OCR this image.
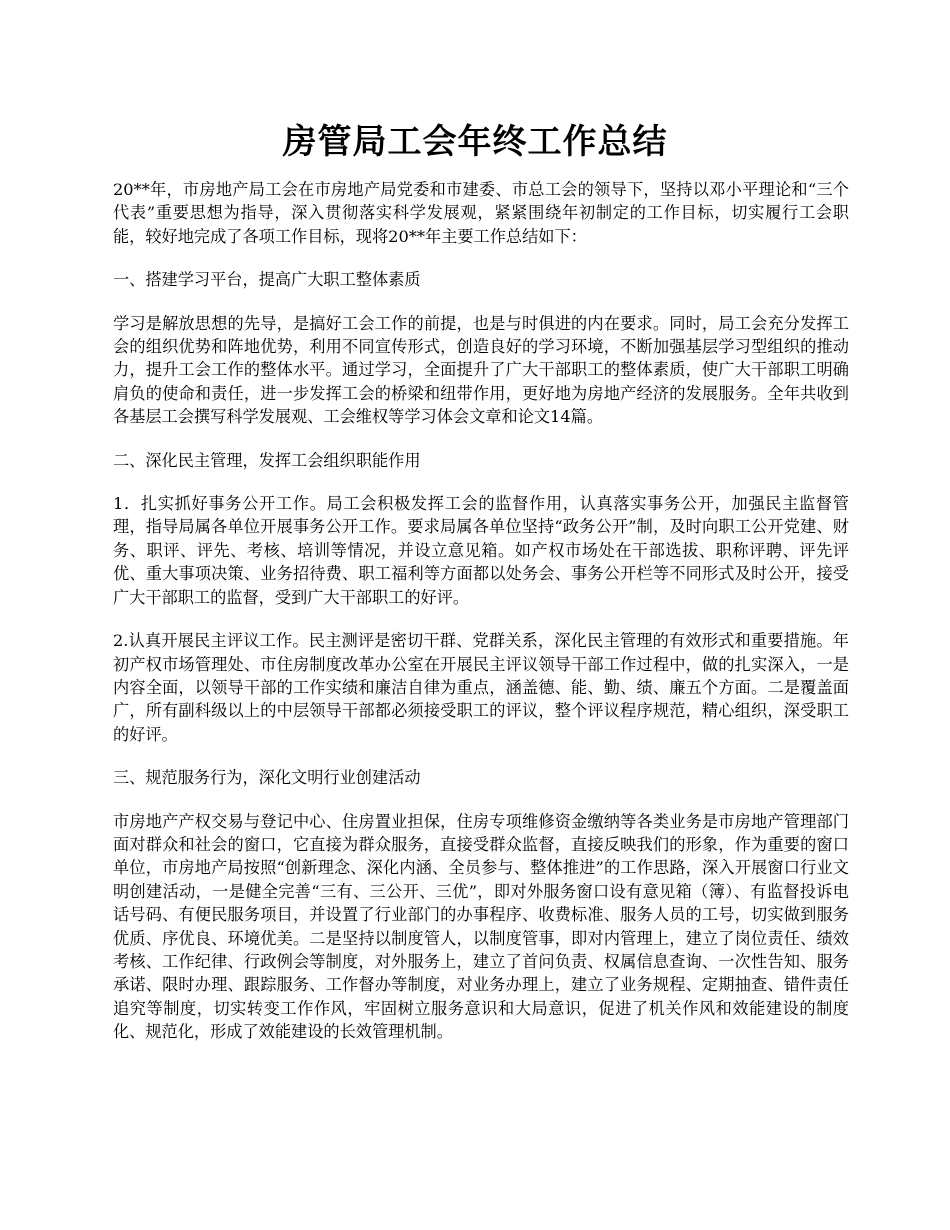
房管局工会年终工作总结

20**年，市房地产局工会在市房地产局党委和市建委、市总工会的领导下，坚持以邓小平理论和“三个代表”重要思想为指导，深入贯彻落实科学发展观，紧紧围绕年初制定的工作目标，切实履行工会职能，较好地完成了各项工作目标，现将20**年主要工作总结如下：

一、搭建学习平台，提高广大职工整体素质

学习是解放思想的先导，是搞好工会工作的前提，也是与时俱进的内在要求。同时，局工会充分发挥工会的组织优势和阵地优势，利用不同宣传形式，创造良好的学习环境，不断加强基层学习型组织的推动力，提升工会工作的整体水平。通过学习，全面提升了广大干部职工的整体素质，使广大干部职工明确肩负的使命和责任，进一步发挥工会的桥梁和纽带作用，更好地为房地产经济的发展服务。全年共收到各基层工会撰写科学发展观、工会维权等学习体会文章和论文14篇。

二、深化民主管理，发挥工会组织职能作用

1．扎实抓好事务公开工作。局工会积极发挥工会的监督作用，认真落实事务公开，加强民主监督管理，指导局属各单位开展事务公开工作。要求局属各单位坚持“政务公开”制，及时向职工公开党建、财务、职评、评先、考核、培训等情况，并设立意见箱。如产权市场处在干部选拔、职称评聘、评先评优、重大事项决策、业务招待费、职工福利等方面都以处务会、事务公开栏等不同形式及时公开，接受广大干部职工的监督，受到广大干部职工的好评。

2.认真开展民主评议工作。民主测评是密切干群、党群关系，深化民主管理的有效形式和重要措施。年初产权市场管理处、市住房制度改革办公室在开展民主评议领导干部工作过程中，做的扎实深入，一是内容全面，以领导干部的工作实绩和廉洁自律为重点，涵盖德、能、勤、绩、廉五个方面。二是覆盖面广，所有副科级以上的中层领导干部都必须接受职工的评议，整个评议程序规范，精心组织，深受职工的好评。

三、规范服务行为，深化文明行业创建活动

市房地产产权交易与登记中心、住房置业担保，住房专项维修资金缴纳等各类业务是市房地产管理部门面对群众和社会的窗口，它直接为群众服务，直接受群众监督，直接反映我们的形象，作为重要的窗口单位，市房地产局按照“创新理念、深化内涵、全员参与、整体推进”的工作思路，深入开展窗口行业文明创建活动，一是健全完善“三有、三公开、三优”，即对外服务窗口设有意见箱（簿）、有监督投诉电话号码、有便民服务项目，并设置了行业部门的办事程序、收费标准、服务人员的工号，切实做到服务优质、序优良、环境优美。二是坚持以制度管人，以制度管事，即对内管理上，建立了岗位责任、绩效考核、工作纪律、行政例会等制度，对外服务上，建立了首问负责、权属信息查询、一次性告知、服务承诺、限时办理、跟踪服务、工作督办等制度，对业务办理上，建立了业务规程、定期抽查、错件责任追究等制度，切实转变工作作风，牢固树立服务意识和大局意识，促进了机关作风和效能建设的制度化、规范化，形成了效能建设的长效管理机制。
